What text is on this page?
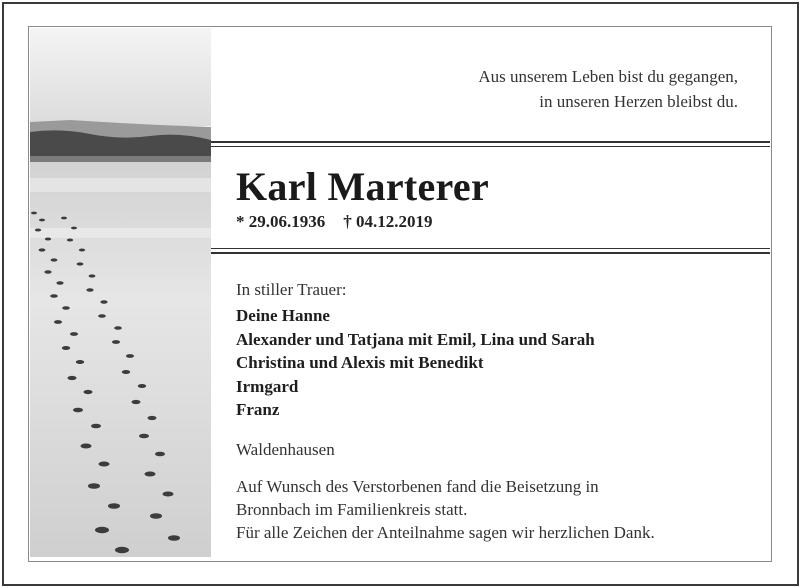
Aus unserem Leben bist du gegangen,
in unseren Herzen bleibst du.
Karl Marterer
* 29.06.1936 † 04.12.2019
In stiller Trauer:
Deine Hanne
Alexander und Tatjana mit Emil, Lina und Sarah
Christina und Alexis mit Benedikt
Irmgard
Franz
Waldenhausen
Auf Wunsch des Verstorbenen fand die Beisetzung in
Bronnbach im Familienkreis statt.
Für alle Zeichen der Anteilnahme sagen wir herzlichen Dank.
